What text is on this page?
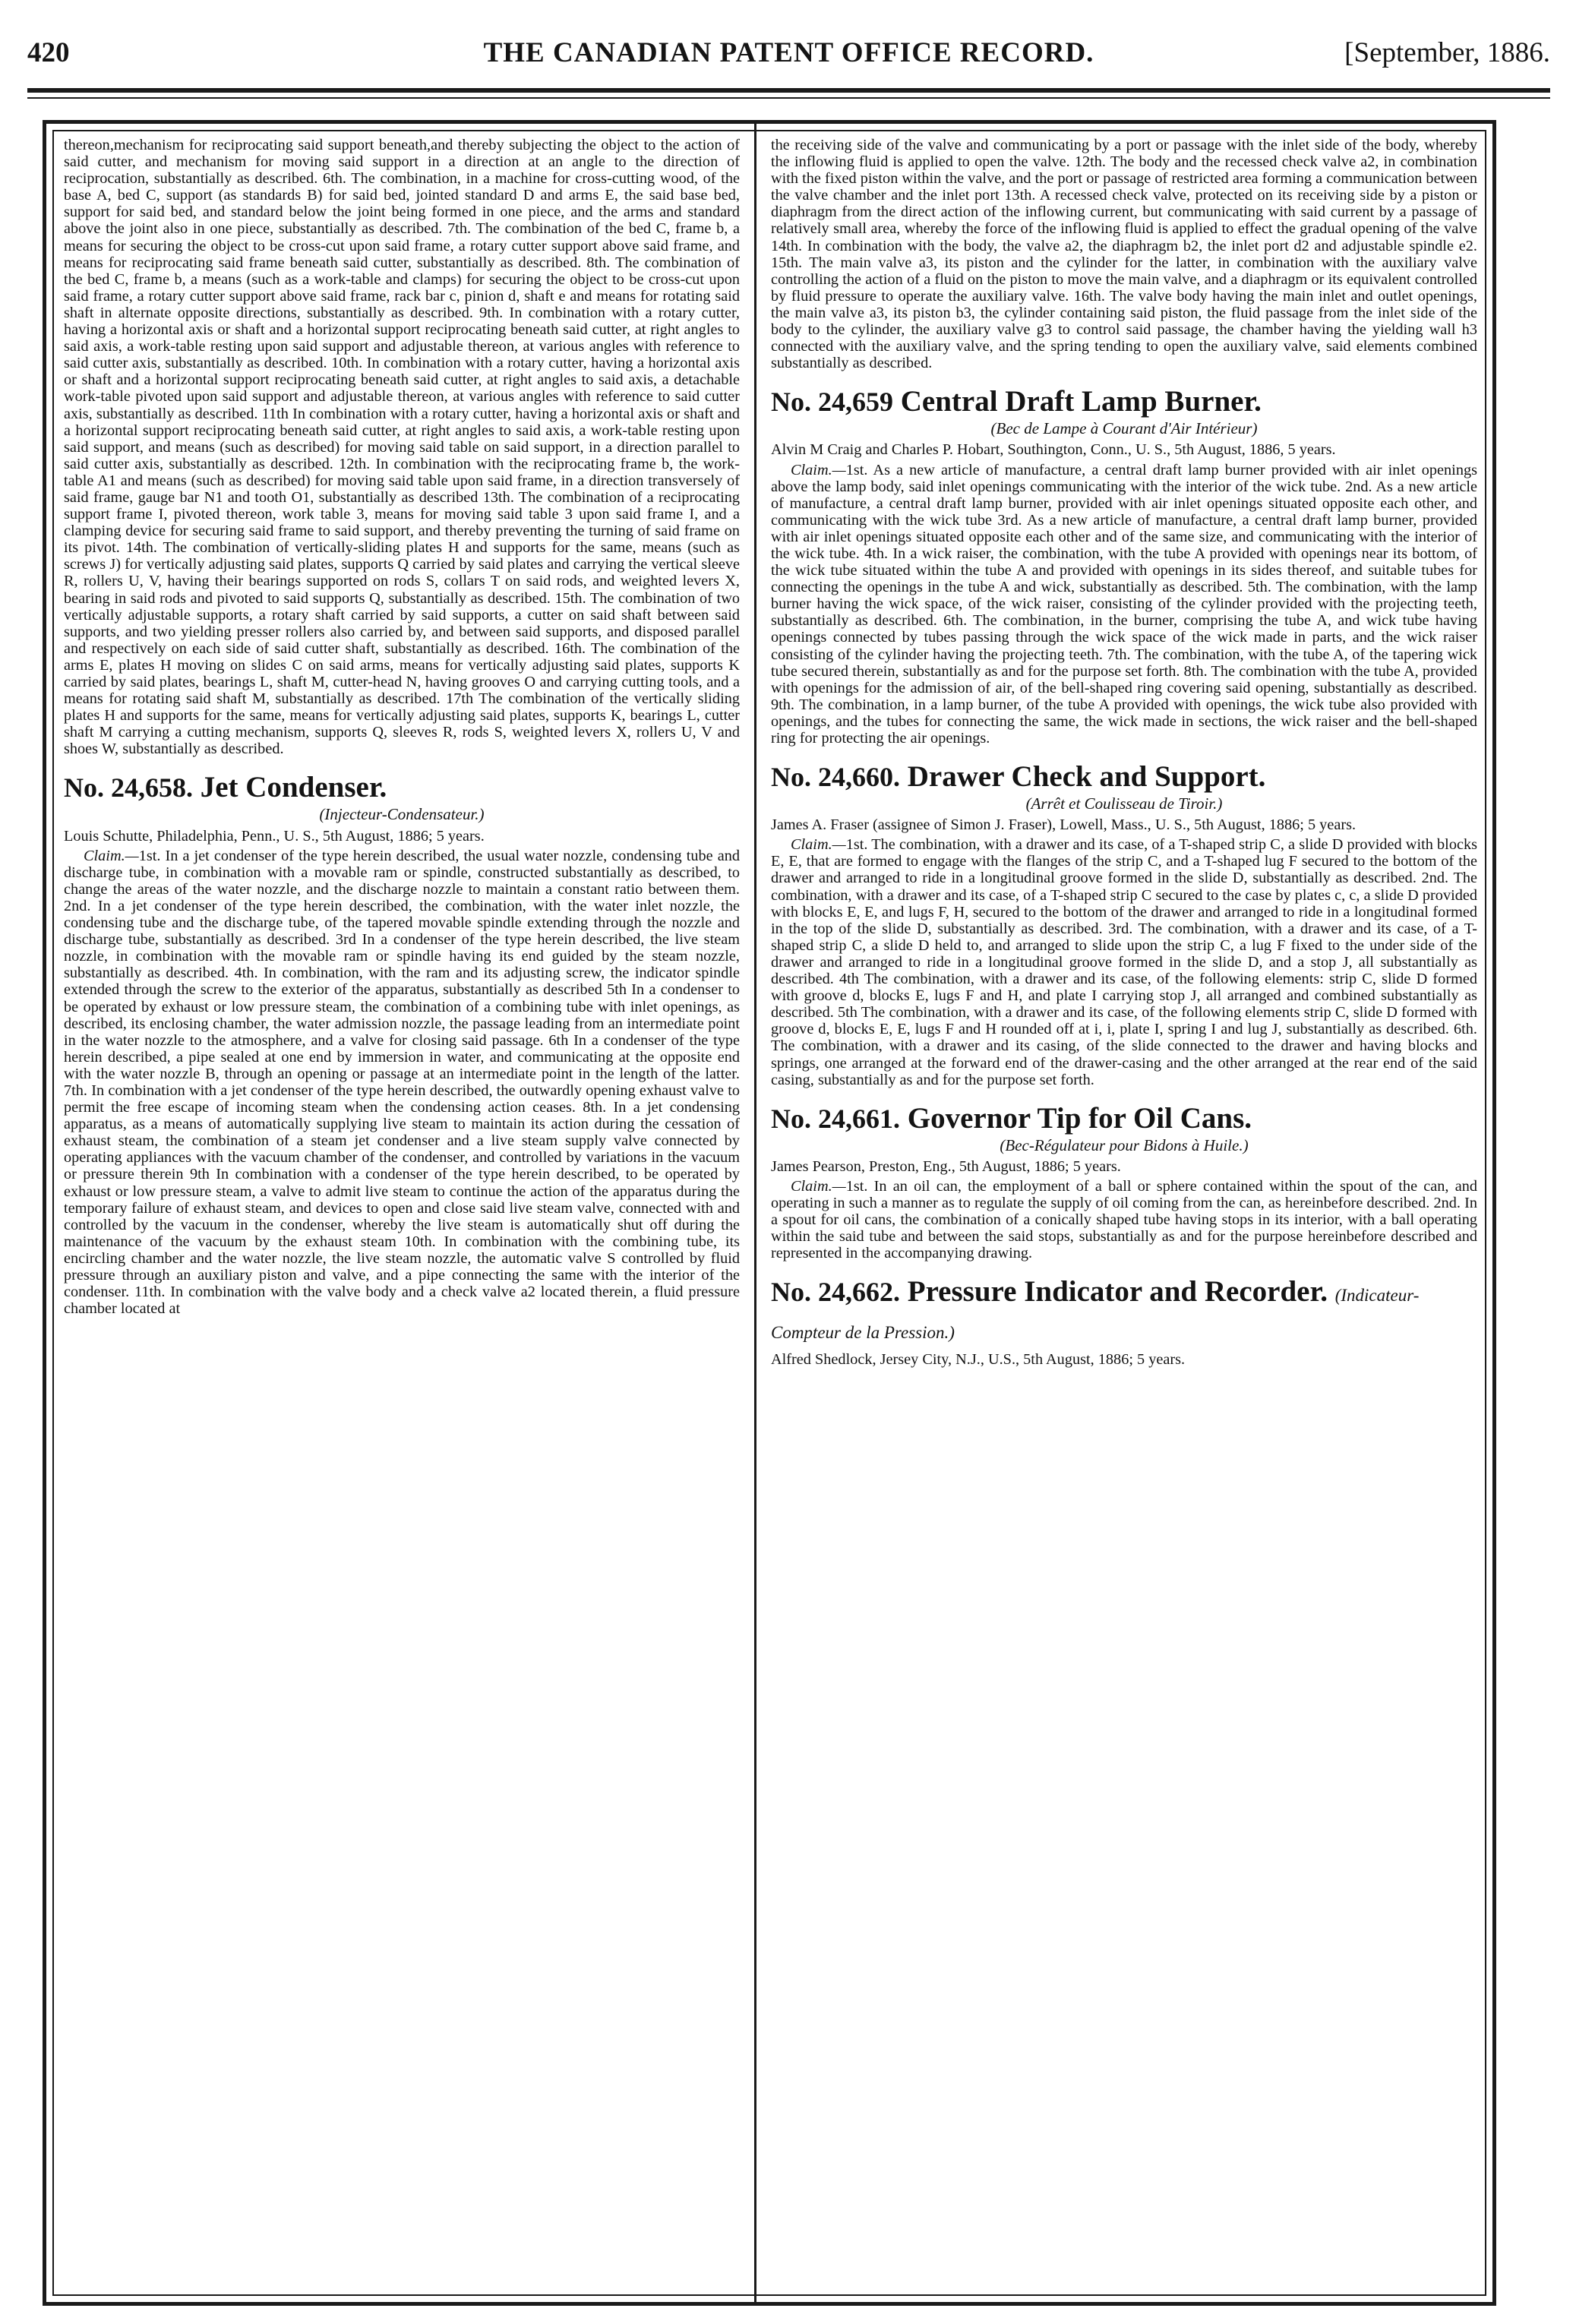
420	THE CANADIAN PATENT OFFICE RECORD.	[September, 1886.

thereon,mechanism for reciprocating said support beneath,and thereby subjecting the object to the action of said cutter, and mechanism for moving said support in a direction at an angle to the direction of reciprocation, substantially as described. 6th. The combination, in a machine for cross-cutting wood, of the base A, bed C, support (as standards B) for said bed, jointed standard D and arms E, the said base bed, support for said bed, and standard below the joint being formed in one piece, and the arms and standard above the joint also in one piece, substantially as described. 7th. The combination of the bed C, frame b, a means for securing the object to be cross-cut upon said frame, a rotary cutter support above said frame, and means for reciprocating said frame beneath said cutter, substantially as described. 8th. The combination of the bed C, frame b, a means (such as a work-table and clamps) for securing the object to be cross-cut upon said frame, a rotary cutter support above said frame, rack bar c, pinion d, shaft e and means for rotating said shaft in alternate opposite directions, substantially as described. 9th. In combination with a rotary cutter, having a horizontal axis or shaft and a horizontal support reciprocating beneath said cutter, at right angles to said axis, a work-table resting upon said support and adjustable thereon, at various angles with reference to said cutter axis, substantially as described. 10th. In combination with a rotary cutter, having a horizontal axis or shaft and a horizontal support reciprocating beneath said cutter, at right angles to said axis, a detachable work-table pivoted upon said support and adjustable thereon, at various angles with reference to said cutter axis, substantially as described. 11th In combination with a rotary cutter, having a horizontal axis or shaft and a horizontal support reciprocating beneath said cutter, at right angles to said axis, a work-table resting upon said support, and means (such as described) for moving said table on said support, in a direction parallel to said cutter axis, substantially as described. 12th. In combination with the reciprocating frame b, the work-table A1 and means (such as described) for moving said table upon said frame, in a direction transversely of said frame, gauge bar N1 and tooth O1, substantially as described 13th. The combination of a reciprocating support frame I, pivoted thereon, work table 3, means for moving said table 3 upon said frame I, and a clamping device for securing said frame to said support, and thereby preventing the turning of said frame on its pivot. 14th. The combination of vertically-sliding plates H and supports for the same, means (such as screws J) for vertically adjusting said plates, supports Q carried by said plates and carrying the vertical sleeve R, rollers U, V, having their bearings supported on rods S, collars T on said rods, and weighted levers X, bearing in said rods and pivoted to said supports Q, substantially as described. 15th. The combination of two vertically adjustable supports, a rotary shaft carried by said supports, a cutter on said shaft between said supports, and two yielding presser rollers also carried by, and between said supports, and disposed parallel and respectively on each side of said cutter shaft, substantially as described. 16th. The combination of the arms E, plates H moving on slides C on said arms, means for vertically adjusting said plates, supports K carried by said plates, bearings L, shaft M, cutter-head N, having grooves O and carrying cutting tools, and a means for rotating said shaft M, substantially as described. 17th The combination of the vertically sliding plates H and supports for the same, means for vertically adjusting said plates, supports K, bearings L, cutter shaft M carrying a cutting mechanism, supports Q, sleeves R, rods S, weighted levers X, rollers U, V and shoes W, substantially as described.

No. 24,658. Jet Condenser.
(Injecteur-Condensateur.)

Louis Schutte, Philadelphia, Penn., U. S., 5th August, 1886; 5 years.

Claim.—1st. In a jet condenser of the type herein described, the usual water nozzle, condensing tube and discharge tube, in combination with a movable ram or spindle, constructed substantially as described, to change the areas of the water nozzle, and the discharge nozzle to maintain a constant ratio between them. 2nd. In a jet condenser of the type herein described, the combination, with the water inlet nozzle, the condensing tube and the discharge tube, of the tapered movable spindle extending through the nozzle and discharge tube, substantially as described. 3rd In a condenser of the type herein described, the live steam nozzle, in combination with the movable ram or spindle having its end guided by the steam nozzle, substantially as described. 4th. In combination, with the ram and its adjusting screw, the indicator spindle extended through the screw to the exterior of the apparatus, substantially as described 5th In a condenser to be operated by exhaust or low pressure steam, the combination of a combining tube with inlet openings, as described, its enclosing chamber, the water admission nozzle, the passage leading from an intermediate point in the water nozzle to the atmosphere, and a valve for closing said passage. 6th In a condenser of the type herein described, a pipe sealed at one end by immersion in water, and communicating at the opposite end with the water nozzle B, through an opening or passage at an intermediate point in the length of the latter. 7th. In combination with a jet condenser of the type herein described, the outwardly opening exhaust valve to permit the free escape of incoming steam when the condensing action ceases. 8th. In a jet condensing apparatus, as a means of automatically supplying live steam to maintain its action during the cessation of exhaust steam, the combination of a steam jet condenser and a live steam supply valve connected by operating appliances with the vacuum chamber of the condenser, and controlled by variations in the vacuum or pressure therein 9th In combination with a condenser of the type herein described, to be operated by exhaust or low pressure steam, a valve to admit live steam to continue the action of the apparatus during the temporary failure of exhaust steam, and devices to open and close said live steam valve, connected with and controlled by the vacuum in the condenser, whereby the live steam is automatically shut off during the maintenance of the vacuum by the exhaust steam 10th. In combination with the combining tube, its encircling chamber and the water nozzle, the live steam nozzle, the automatic valve S controlled by fluid pressure through an auxiliary piston and valve, and a pipe connecting the same with the interior of the condenser. 11th. In combination with the valve body and a check valve a2 located therein, a fluid pressure chamber located at

the receiving side of the valve and communicating by a port or passage with the inlet side of the body, whereby the inflowing fluid is applied to open the valve. 12th. The body and the recessed check valve a2, in combination with the fixed piston within the valve, and the port or passage of restricted area forming a communication between the valve chamber and the inlet port 13th. A recessed check valve, protected on its receiving side by a piston or diaphragm from the direct action of the inflowing current, but communicating with said current by a passage of relatively small area, whereby the force of the inflowing fluid is applied to effect the gradual opening of the valve 14th. In combination with the body, the valve a2, the diaphragm b2, the inlet port d2 and adjustable spindle e2. 15th. The main valve a3, its piston and the cylinder for the latter, in combination with the auxiliary valve controlling the action of a fluid on the piston to move the main valve, and a diaphragm or its equivalent controlled by fluid pressure to operate the auxiliary valve. 16th. The valve body having the main inlet and outlet openings, the main valve a3, its piston b3, the cylinder containing said piston, the fluid passage from the inlet side of the body to the cylinder, the auxiliary valve g3 to control said passage, the chamber having the yielding wall h3 connected with the auxiliary valve, and the spring tending to open the auxiliary valve, said elements combined substantially as described.

No. 24,659 Central Draft Lamp Burner.
(Bec de Lampe à Courant d'Air Intérieur)

Alvin M Craig and Charles P. Hobart, Southington, Conn., U. S., 5th August, 1886, 5 years.

Claim.—1st. As a new article of manufacture, a central draft lamp burner provided with air inlet openings above the lamp body, said inlet openings communicating with the interior of the wick tube. 2nd. As a new article of manufacture, a central draft lamp burner, provided with air inlet openings situated opposite each other, and communicating with the wick tube 3rd. As a new article of manufacture, a central draft lamp burner, provided with air inlet openings situated opposite each other and of the same size, and communicating with the interior of the wick tube. 4th. In a wick raiser, the combination, with the tube A provided with openings near its bottom, of the wick tube situated within the tube A and provided with openings in its sides thereof, and suitable tubes for connecting the openings in the tube A and wick, substantially as described. 5th. The combination, with the lamp burner having the wick space, of the wick raiser, consisting of the cylinder provided with the projecting teeth, substantially as described. 6th. The combination, in the burner, comprising the tube A, and wick tube having openings connected by tubes passing through the wick space of the wick made in parts, and the wick raiser consisting of the cylinder having the projecting teeth. 7th. The combination, with the tube A, of the tapering wick tube secured therein, substantially as and for the purpose set forth. 8th. The combination with the tube A, provided with openings for the admission of air, of the bell-shaped ring covering said opening, substantially as described. 9th. The combination, in a lamp burner, of the tube A provided with openings, the wick tube also provided with openings, and the tubes for connecting the same, the wick made in sections, the wick raiser and the bell-shaped ring for protecting the air openings.

No. 24,660. Drawer Check and Support.
(Arrêt et Coulisseau de Tiroir.)

James A. Fraser (assignee of Simon J. Fraser), Lowell, Mass., U. S., 5th August, 1886; 5 years.

Claim.—1st. The combination, with a drawer and its case, of a T-shaped strip C, a slide D provided with blocks E, E, that are formed to engage with the flanges of the strip C, and a T-shaped lug F secured to the bottom of the drawer and arranged to ride in a longitudinal groove formed in the slide D, substantially as described. 2nd. The combination, with a drawer and its case, of a T-shaped strip C secured to the case by plates c, c, a slide D provided with blocks E, E, and lugs F, H, secured to the bottom of the drawer and arranged to ride in a longitudinal formed in the top of the slide D, substantially as described. 3rd. The combination, with a drawer and its case, of a T-shaped strip C, a slide D held to, and arranged to slide upon the strip C, a lug F fixed to the under side of the drawer and arranged to ride in a longitudinal groove formed in the slide D, and a stop J, all substantially as described. 4th The combination, with a drawer and its case, of the following elements: strip C, slide D formed with groove d, blocks E, lugs F and H, and plate I carrying stop J, all arranged and combined substantially as described. 5th The combination, with a drawer and its case, of the following elements strip C, slide D formed with groove d, blocks E, E, lugs F and H rounded off at i, i, plate I, spring I and lug J, substantially as described. 6th. The combination, with a drawer and its casing, of the slide connected to the drawer and having blocks and springs, one arranged at the forward end of the drawer-casing and the other arranged at the rear end of the said casing, substantially as and for the purpose set forth.

No. 24,661. Governor Tip for Oil Cans.
(Bec-Régulateur pour Bidons à Huile.)

James Pearson, Preston, Eng., 5th August, 1886; 5 years.

Claim.—1st. In an oil can, the employment of a ball or sphere contained within the spout of the can, and operating in such a manner as to regulate the supply of oil coming from the can, as hereinbefore described. 2nd. In a spout for oil cans, the combination of a conically shaped tube having stops in its interior, with a ball operating within the said tube and between the said stops, substantially as and for the purpose hereinbefore described and represented in the accompanying drawing.

No. 24,662. Pressure Indicator and Recorder. (Indicateur-Compteur de la Pression.)

Alfred Shedlock, Jersey City, N.J., U.S., 5th August, 1886; 5 years.
